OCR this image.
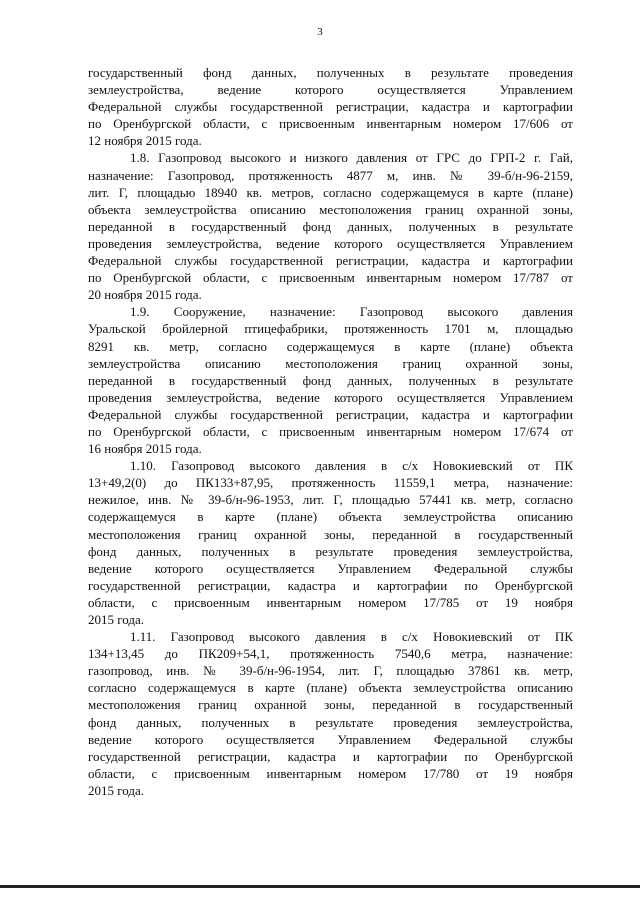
3
государственный фонд данных, полученных в результате проведения
землеустройства, ведение которого осуществляется Управлением
Федеральной службы государственной регистрации, кадастра и картографии
по Оренбургской области, с присвоенным инвентарным номером 17/606 от
12 ноября 2015 года.
1.8. Газопровод высокого и низкого давления от ГРС до ГРП-2 г. Гай,
назначение: Газопровод, протяженность 4877 м, инв. № 39-б/н-96-2159,
лит. Г, площадью 18940 кв. метров, согласно содержащемуся в карте (плане)
объекта землеустройства описанию местоположения границ охранной зоны,
переданной в государственный фонд данных, полученных в результате
проведения землеустройства, ведение которого осуществляется Управлением
Федеральной службы государственной регистрации, кадастра и картографии
по Оренбургской области, с присвоенным инвентарным номером 17/787 от
20 ноября 2015 года.
1.9. Сооружение, назначение: Газопровод высокого давления
Уральской бройлерной птицефабрики, протяженность 1701 м, площадью
8291 кв. метр, согласно содержащемуся в карте (плане) объекта
землеустройства описанию местоположения границ охранной зоны,
переданной в государственный фонд данных, полученных в результате
проведения землеустройства, ведение которого осуществляется Управлением
Федеральной службы государственной регистрации, кадастра и картографии
по Оренбургской области, с присвоенным инвентарным номером 17/674 от
16 ноября 2015 года.
1.10. Газопровод высокого давления в с/х Новокиевский от ПК
13+49,2(0) до ПК133+87,95, протяженность 11559,1 метра, назначение:
нежилое, инв. № 39-б/н-96-1953, лит. Г, площадью 57441 кв. метр, согласно
содержащемуся в карте (плане) объекта землеустройства описанию
местоположения границ охранной зоны, переданной в государственный
фонд данных, полученных в результате проведения землеустройства,
ведение которого осуществляется Управлением Федеральной службы
государственной регистрации, кадастра и картографии по Оренбургской
области, с присвоенным инвентарным номером 17/785 от 19 ноября
2015 года.
1.11. Газопровод высокого давления в с/х Новокиевский от ПК
134+13,45 до ПК209+54,1, протяженность 7540,6 метра, назначение:
газопровод, инв. № 39-б/н-96-1954, лит. Г, площадью 37861 кв. метр,
согласно содержащемуся в карте (плане) объекта землеустройства описанию
местоположения границ охранной зоны, переданной в государственный
фонд данных, полученных в результате проведения землеустройства,
ведение которого осуществляется Управлением Федеральной службы
государственной регистрации, кадастра и картографии по Оренбургской
области, с присвоенным инвентарным номером 17/780 от 19 ноября
2015 года.
